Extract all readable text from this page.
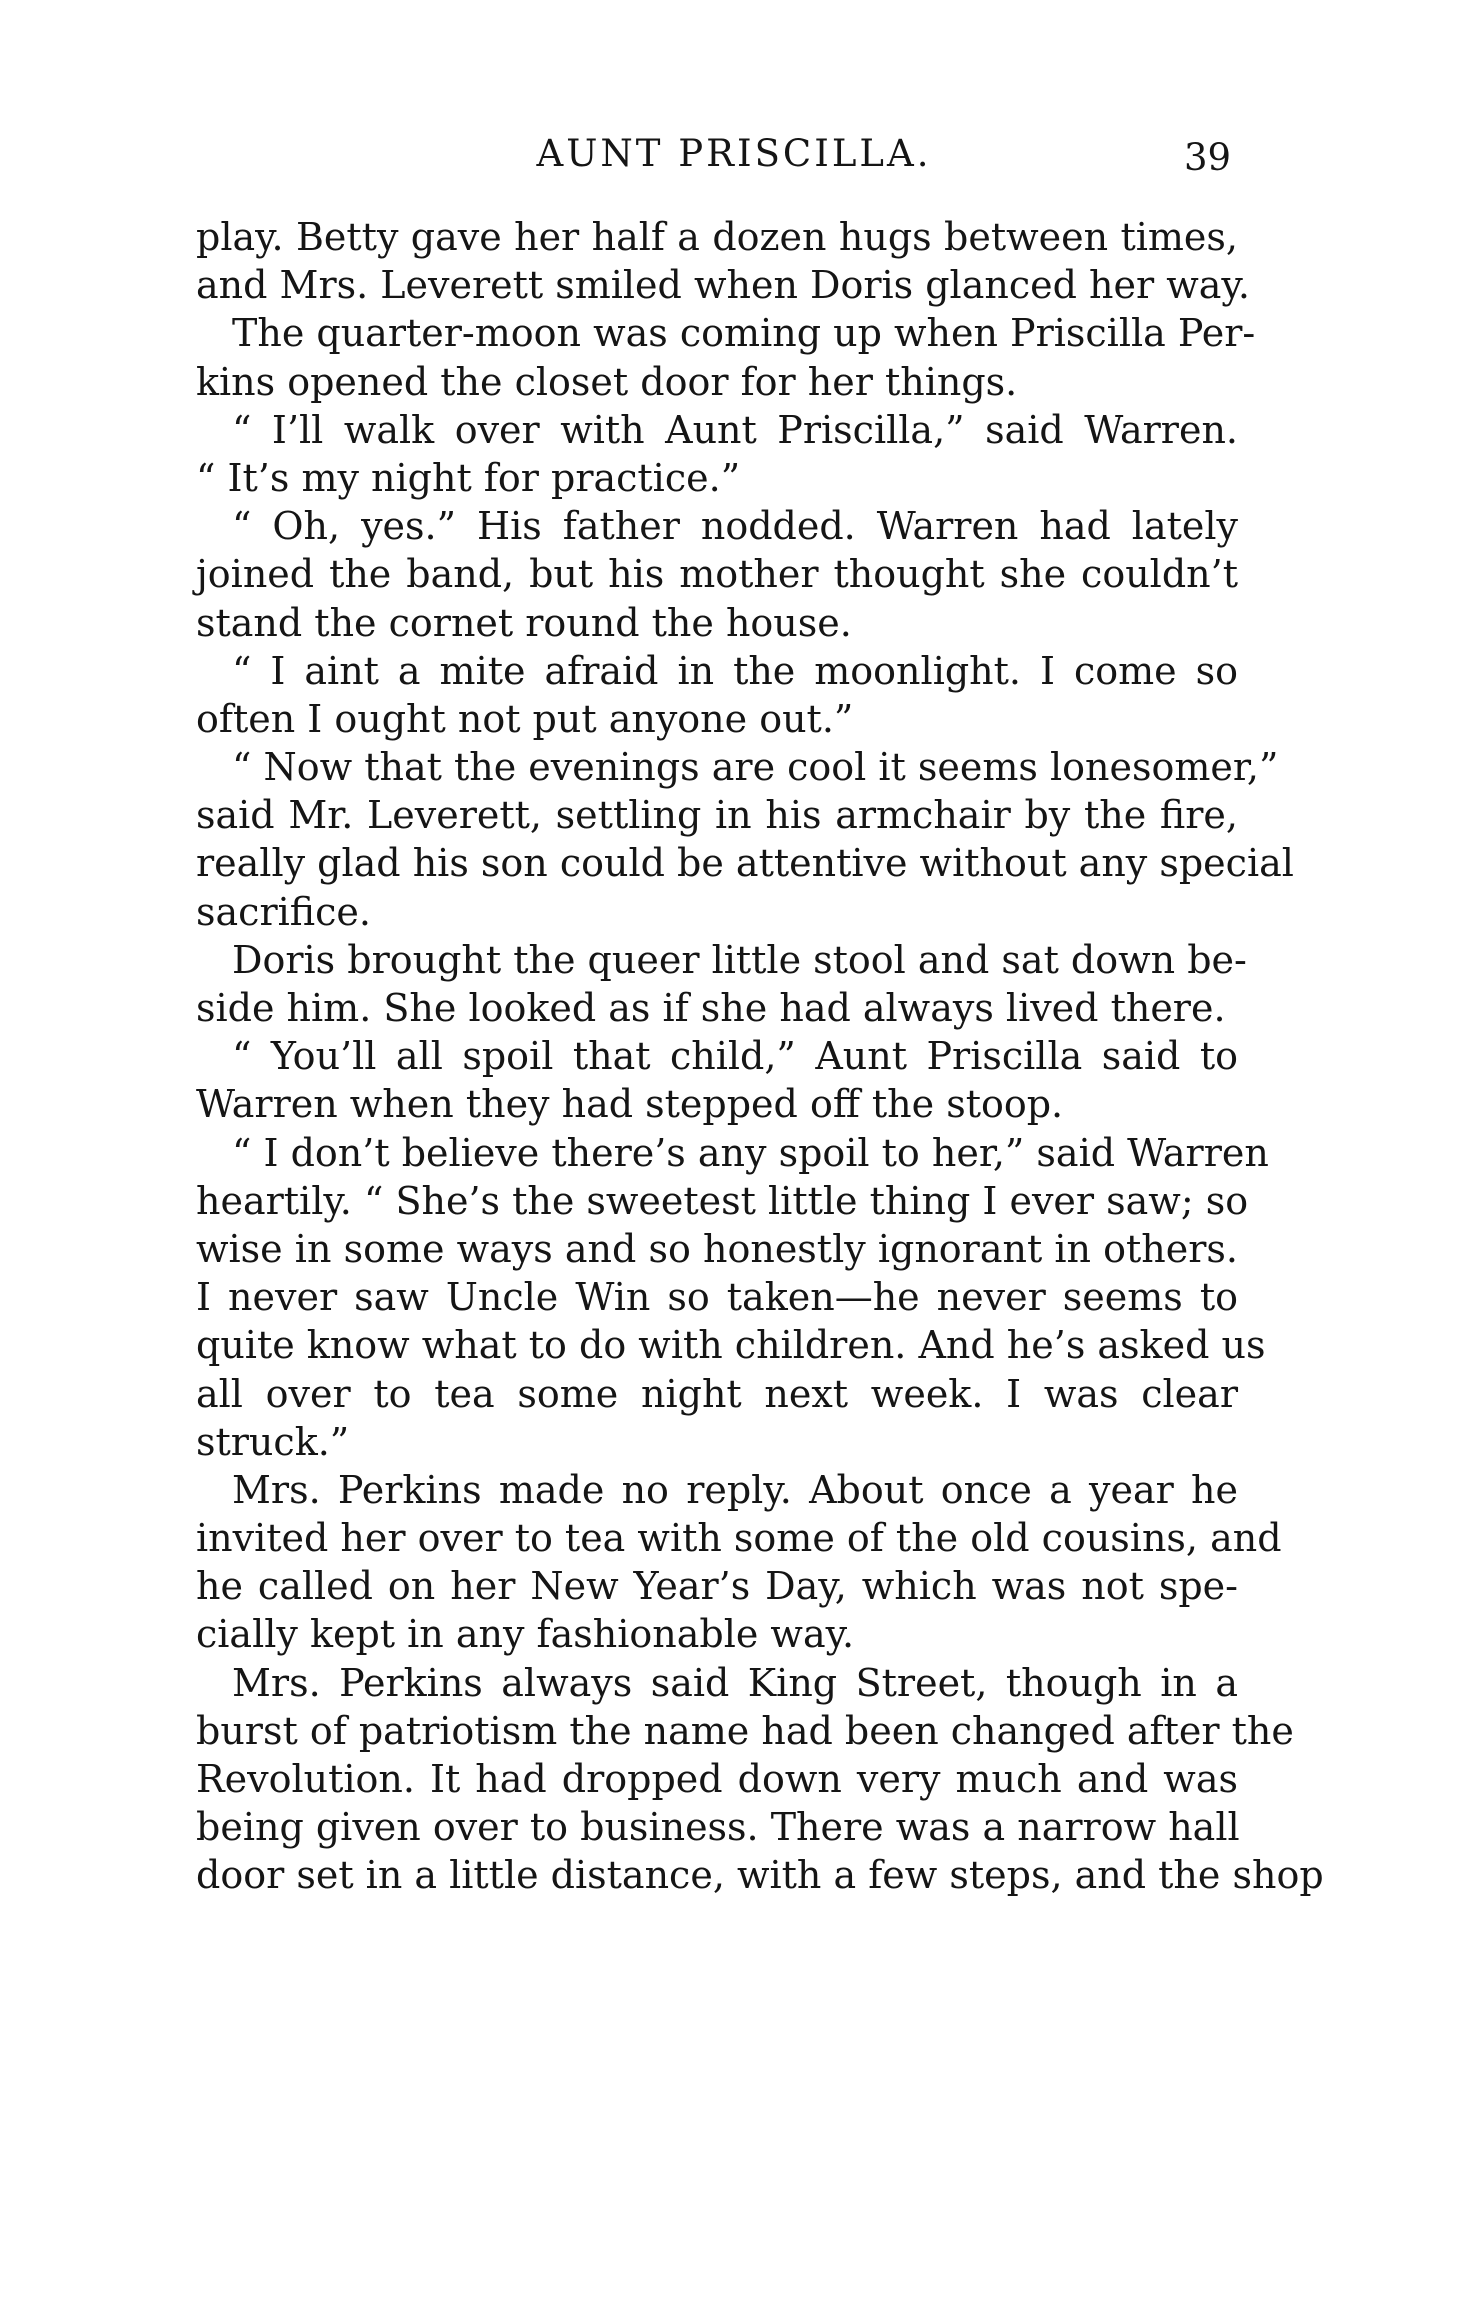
AUNT PRISCILLA.	39
play. Betty gave her half a dozen hugs between times,
and Mrs. Leverett smiled when Doris glanced her way.
The quarter-moon was coming up when Priscilla Per-
kins opened the closet door for her things.
“ I’ll walk over with Aunt Priscilla,” said Warren.
“ It’s my night for practice.”
“ Oh, yes.” His father nodded. Warren had lately
joined the band, but his mother thought she couldn’t
stand the cornet round the house.
“ I aint a mite afraid in the moonlight. I come so
often I ought not put anyone out.”
“ Now that the evenings are cool it seems lonesomer,”
said Mr. Leverett, settling in his armchair by the fire,
really glad his son could be attentive without any special
sacrifice.
Doris brought the queer little stool and sat down be-
side him. She looked as if she had always lived there.
“ You’ll all spoil that child,” Aunt Priscilla said to
Warren when they had stepped off the stoop.
“ I don’t believe there’s any spoil to her,” said Warren
heartily. “ She’s the sweetest little thing I ever saw; so
wise in some ways and so honestly ignorant in others.
I never saw Uncle Win so taken—he never seems to
quite know what to do with children. And he’s asked us
all over to tea some night next week. I was clear
struck.”
Mrs. Perkins made no reply. About once a year he
invited her over to tea with some of the old cousins, and
he called on her New Year’s Day, which was not spe-
cially kept in any fashionable way.
Mrs. Perkins always said King Street, though in a
burst of patriotism the name had been changed after the
Revolution. It had dropped down very much and was
being given over to business. There was a narrow hall
door set in a little distance, with a few steps, and the shop
